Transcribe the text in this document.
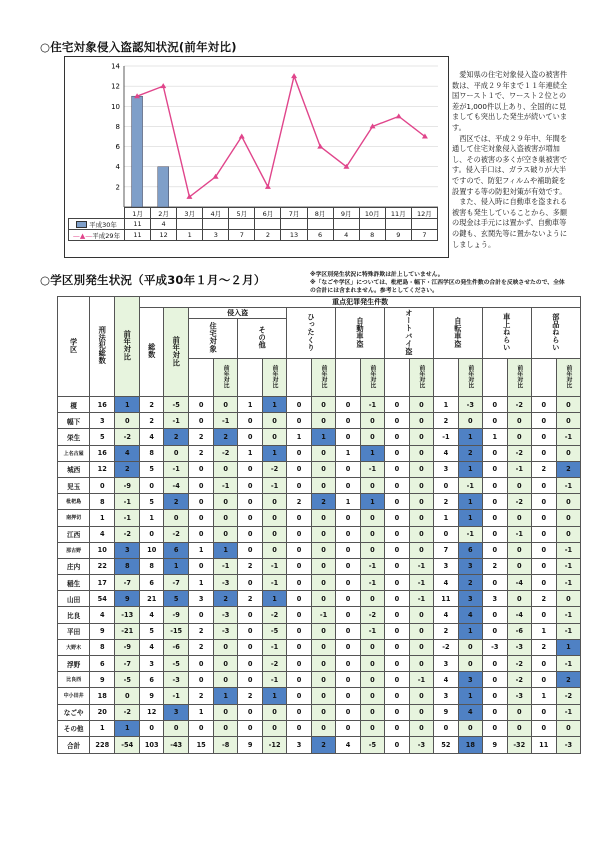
○住宅対象侵入盗認知状況(前年対比)
2
4
6
8
10
12
14
	1月	2月	3月	4月	5月	6月	7月	8月	9月	10月	11月	12月
平成30年	11	4										
—▲—平成29年	11	12	1	3	7	2	13	6	4	8	9	7
　愛知県の住宅対象侵入盗の被害件数は、平成２９年まで１１年連続全国ワースト１で、ワースト２位との差が1,000件以上あり、全国的に見ましても突出した発生が続いています。
　西区では、平成２９年中、年間を通して住宅対象侵入盗被害が増加し、その被害の多くが空き巣被害です。侵入手口は、ガラス破りが大半ですので、防犯フィルムや補助錠を設置する等の防犯対策が有効です。
　また、侵入時に自動車を盗まれる被害も発生していることから、多額の現金は手元には置かず、自動車等の鍵も、玄関先等に置かないようにしましょう。
○学区別発生状況（平成30年１月～２月）	※学区別発生状況に特殊詐欺は計上していません。
※「なごや学区」については、枇杷島・幅下・江西学区の発生件数の合計を反映させたので、全体の合計には含まれません。参考としてください。
学区	刑法犯総数	前年対比	重点犯罪発生件数																	
			総数	前年対比	侵入盗				ひったくり		自動車盗		オートバイ盗		自転車盗		車上ねらい		部品ねらい	
					住宅対象		その他													
						前年対比		前年対比		前年対比		前年対比		前年対比		前年対比		前年対比		前年対比
榎	16	1	2	-5	0	0	1	1	0	0	0	-1	0	0	1	-3	0	-2	0	0
幅下	3	0	2	-1	0	-1	0	0	0	0	0	0	0	0	2	0	0	0	0	0
栄生	5	-2	4	2	2	2	0	0	1	1	0	0	0	0	-1	1	1	0	0	-1
上名古屋	16	4	8	0	2	-2	1	1	0	0	1	1	0	0	4	2	0	-2	0	0
城西	12	2	5	-1	0	0	0	-2	0	0	0	-1	0	0	3	1	0	-1	2	2
児玉	0	-9	0	-4	0	-1	0	-1	0	0	0	0	0	0	0	-1	0	0	0	-1
枇杷島	8	-1	5	2	0	0	0	0	2	2	1	1	0	0	2	1	0	-2	0	0
南押切	1	-1	1	0	0	0	0	0	0	0	0	0	0	0	1	1	0	0	0	0
江西	4	-2	0	-2	0	0	0	0	0	0	0	0	0	0	0	-1	0	-1	0	0
那古野	10	3	10	6	1	1	0	0	0	0	0	0	0	0	7	6	0	0	0	-1
庄内	22	8	8	1	0	-1	2	-1	0	0	0	-1	0	-1	3	3	2	0	0	-1
稲生	17	-7	6	-7	1	-3	0	-1	0	0	0	-1	0	-1	4	2	0	-4	0	-1
山田	54	9	21	5	3	2	2	1	0	0	0	0	0	-1	11	3	3	0	2	0
比良	4	-13	4	-9	0	-3	0	-2	0	-1	0	-2	0	0	4	4	0	-4	0	-1
平田	9	-21	5	-15	2	-3	0	-5	0	0	0	-1	0	0	2	1	0	-6	1	-1
大野木	8	-9	4	-6	2	0	0	-1	0	0	0	0	0	0	-2	0	-3	-3	2	1
浮野	6	-7	3	-5	0	0	0	-2	0	0	0	0	0	0	3	0	0	-2	0	-1
比良西	9	-5	6	-3	0	0	0	-1	0	0	0	0	0	-1	4	3	0	-2	0	2
中小田井	18	0	9	-1	2	1	2	1	0	0	0	0	0	0	3	1	0	-3	1	-2
なごや	20	-2	12	3	1	0	0	0	0	0	0	0	0	0	9	4	0	0	0	-1
その他	1	1	0	0	0	0	0	0	0	0	0	0	0	0	0	0	0	0	0	0
合計	228	-54	103	-43	15	-8	9	-12	3	2	4	-5	0	-3	52	18	9	-32	11	-3
